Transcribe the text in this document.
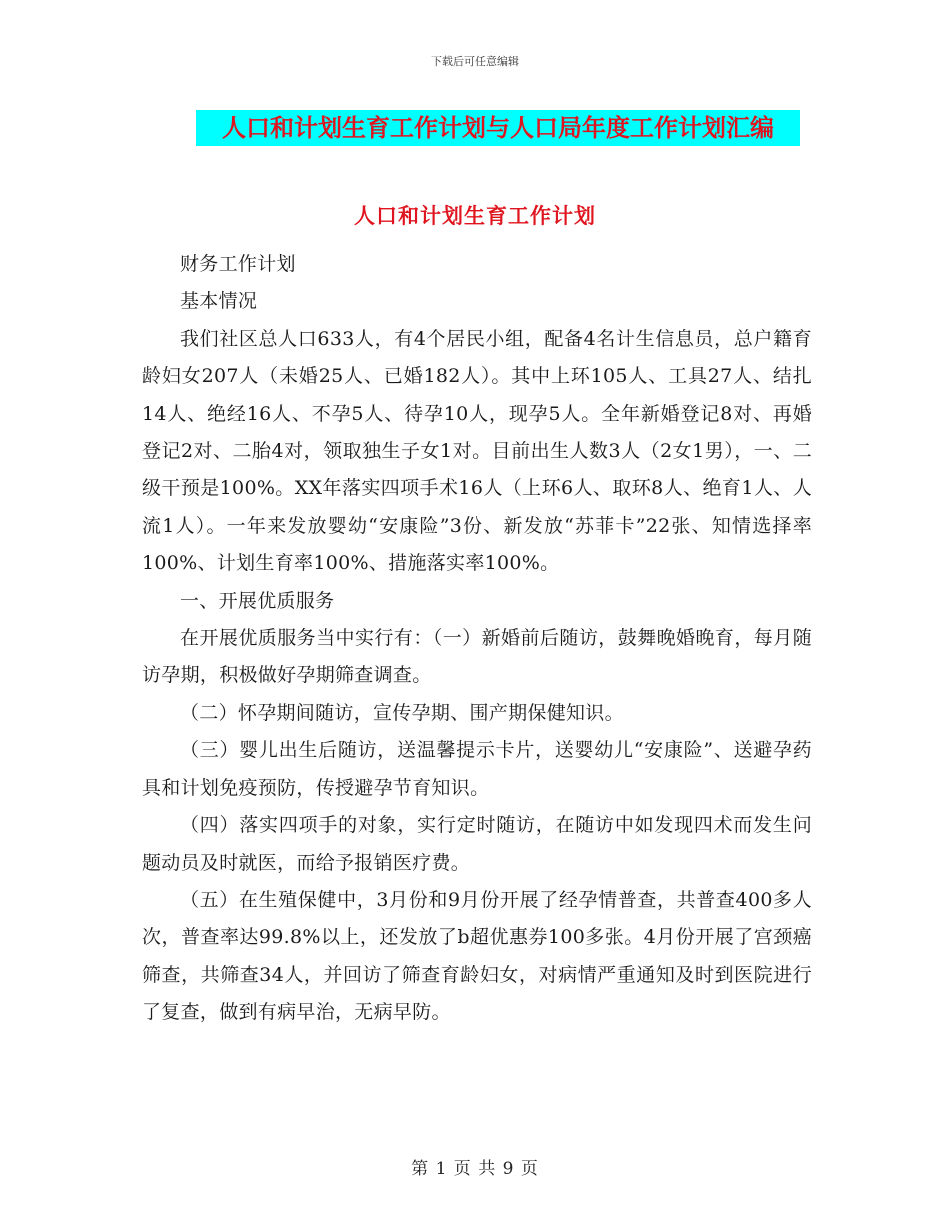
下载后可任意编辑
人口和计划生育工作计划与人口局年度工作计划汇编
人口和计划生育工作计划

财务工作计划

基本情况

我们社区总人口633人，有4个居民小组，配备4名计生信息员，总户籍育龄妇女207人（未婚25人、已婚182人）。其中上环105人、工具27人、结扎14人、绝经16人、不孕5人、待孕10人，现孕5人。全年新婚登记8对、再婚登记2对、二胎4对，领取独生子女1对。目前出生人数3人（2女1男），一、二级干预是100%。XX年落实四项手术16人（上环6人、取环8人、绝育1人、人流1人）。一年来发放婴幼“安康险”3份、新发放“苏菲卡”22张、知情选择率100%、计划生育率100%、措施落实率100%。

一、开展优质服务

在开展优质服务当中实行有：（一）新婚前后随访，鼓舞晚婚晚育，每月随访孕期，积极做好孕期筛查调查。

（二）怀孕期间随访，宣传孕期、围产期保健知识。

（三）婴儿出生后随访，送温馨提示卡片，送婴幼儿“安康险”、送避孕药具和计划免疫预防，传授避孕节育知识。

（四）落实四项手的对象，实行定时随访，在随访中如发现四术而发生问题动员及时就医，而给予报销医疗费。

（五）在生殖保健中，3月份和9月份开展了经孕情普查，共普查400多人次，普查率达99.8%以上，还发放了b超优惠券100多张。4月份开展了宫颈癌筛查，共筛查34人，并回访了筛查育龄妇女，对病情严重通知及时到医院进行了复查，做到有病早治，无病早防。

第 1 页 共 9 页
